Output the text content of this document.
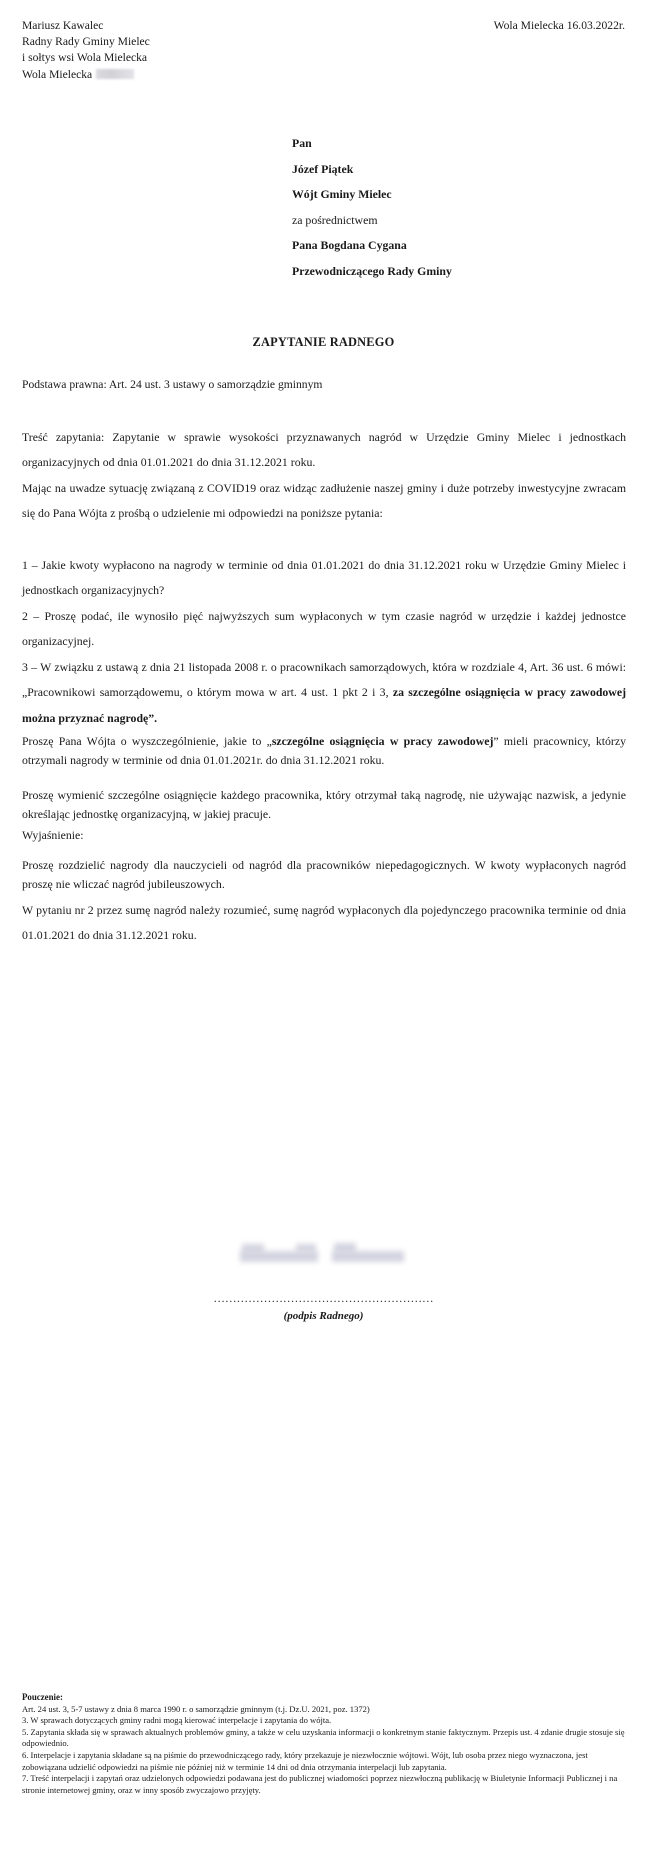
Mariusz Kawalec
Radny Rady Gminy Mielec
i sołtys wsi Wola Mielecka
Wola Mielecka
Wola Mielecka 16.03.2022r.
Pan
Józef Piątek
Wójt Gminy Mielec
za pośrednictwem
Pana Bogdana Cygana
Przewodniczącego Rady Gminy
ZAPYTANIE RADNEGO
Podstawa prawna: Art. 24 ust. 3 ustawy o samorządzie gminnym

Treść zapytania: Zapytanie w sprawie wysokości przyznawanych nagród w Urzędzie Gminy Mielec i jednostkach organizacyjnych od dnia 01.01.2021 do dnia 31.12.2021 roku.

Mając na uwadze sytuację związaną z COVID19 oraz widząc zadłużenie naszej gminy i duże potrzeby inwestycyjne zwracam się do Pana Wójta z prośbą o udzielenie mi odpowiedzi na poniższe pytania:

1 – Jakie kwoty wypłacono na nagrody w terminie od dnia 01.01.2021 do dnia 31.12.2021 roku w Urzędzie Gminy Mielec i jednostkach organizacyjnych?

2 – Proszę podać, ile wynosiło pięć najwyższych sum wypłaconych w tym czasie nagród w urzędzie i każdej jednostce organizacyjnej.

3 – W związku z ustawą z dnia 21 listopada 2008 r. o pracownikach samorządowych, która w rozdziale 4, Art. 36 ust. 6 mówi: „Pracownikowi samorządowemu, o którym mowa w art. 4 ust. 1 pkt 2 i 3, za szczególne osiągnięcia w pracy zawodowej można przyznać nagrodę”.

Proszę Pana Wójta o wyszczególnienie, jakie to „szczególne osiągnięcia w pracy zawodowej” mieli pracownicy, którzy otrzymali nagrody w terminie od dnia 01.01.2021r. do dnia 31.12.2021 roku.

Proszę wymienić szczególne osiągnięcie każdego pracownika, który otrzymał taką nagrodę, nie używając nazwisk, a jedynie określając jednostkę organizacyjną, w jakiej pracuje.

Wyjaśnienie:

Proszę rozdzielić nagrody dla nauczycieli od nagród dla pracowników niepedagogicznych. W kwoty wypłaconych nagród proszę nie wliczać nagród jubileuszowych.

W pytaniu nr 2 przez sumę nagród należy rozumieć, sumę nagród wypłaconych dla pojedynczego pracownika terminie od dnia 01.01.2021 do dnia 31.12.2021 roku.

…………………………………………………
(podpis Radnego)

Pouczenie:

Art. 24 ust. 3, 5-7 ustawy z dnia 8 marca 1990 r. o samorządzie gminnym (t.j. Dz.U. 2021, poz. 1372)

3. W sprawach dotyczących gminy radni mogą kierować interpelacje i zapytania do wójta.

5. Zapytania składa się w sprawach aktualnych problemów gminy, a także w celu uzyskania informacji o konkretnym stanie faktycznym. Przepis ust. 4 zdanie drugie stosuje się odpowiednio.

6. Interpelacje i zapytania składane są na piśmie do przewodniczącego rady, który przekazuje je niezwłocznie wójtowi. Wójt, lub osoba przez niego wyznaczona, jest zobowiązana udzielić odpowiedzi na piśmie nie później niż w terminie 14 dni od dnia otrzymania interpelacji lub zapytania.

7. Treść interpelacji i zapytań oraz udzielonych odpowiedzi podawana jest do publicznej wiadomości poprzez niezwłoczną publikację w Biuletynie Informacji Publicznej i na stronie internetowej gminy, oraz w inny sposób zwyczajowo przyjęty.
